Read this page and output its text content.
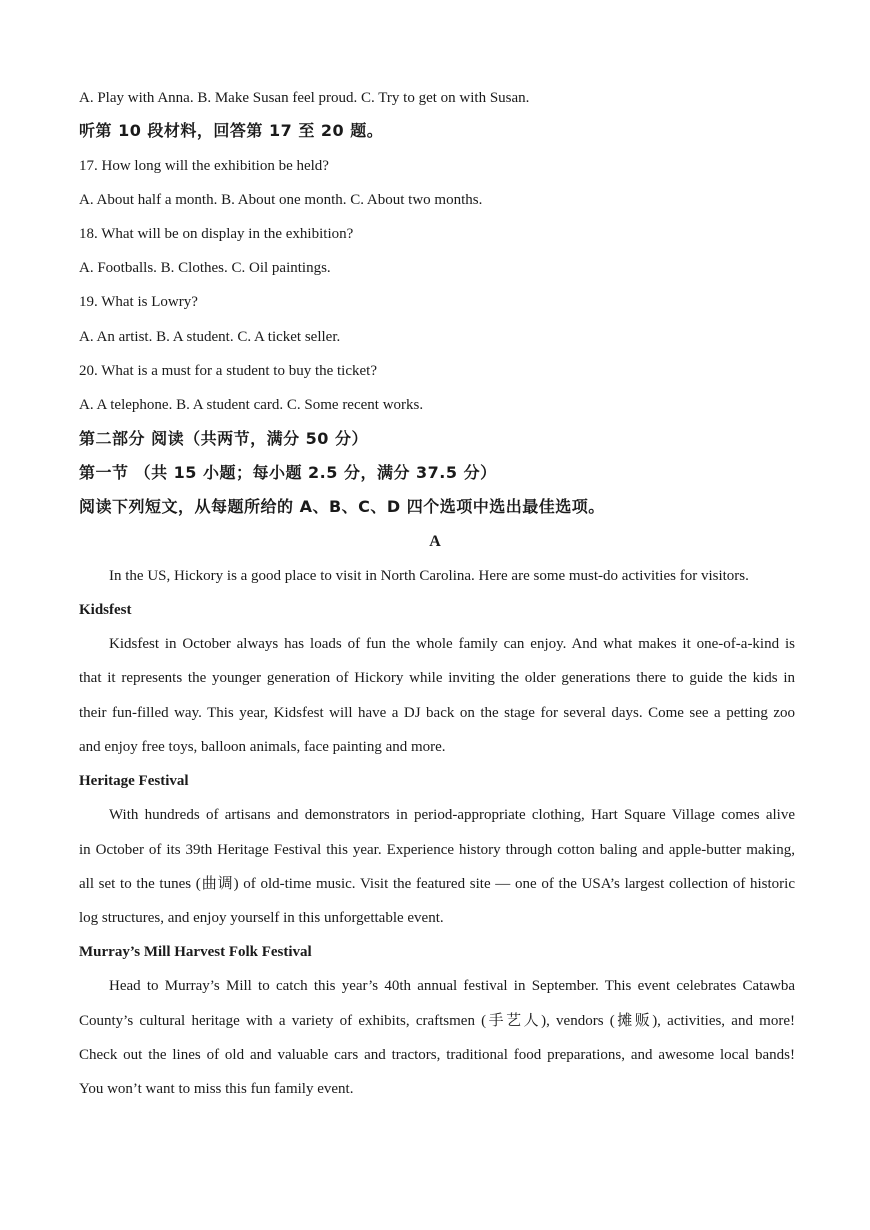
A. Play with Anna. B. Make Susan feel proud. C. Try to get on with Susan.
听第 10 段材料，回答第 17 至 20 题。
17. How long will the exhibition be held?
A. About half a month. B. About one month. C. About two months.
18. What will be on display in the exhibition?
A. Footballs. B. Clothes. C. Oil paintings.
19. What is Lowry?
A. An artist. B. A student. C. A ticket seller.
20. What is a must for a student to buy the ticket?
A. A telephone. B. A student card. C. Some recent works.
第二部分 阅读（共两节，满分 50 分）
第一节 （共 15 小题；每小题 2.5 分，满分 37.5 分）
阅读下列短文，从每题所给的 A、B、C、D 四个选项中选出最佳选项。
A
In the US, Hickory is a good place to visit in North Carolina. Here are some must-do activities for visitors.
Kidsfest
Kidsfest in October always has loads of fun the whole family can enjoy. And what makes it one-of-a-kind is
that it represents the younger generation of Hickory while inviting the older generations there to guide the kids in
their fun-filled way. This year, Kidsfest will have a DJ back on the stage for several days. Come see a petting zoo
and enjoy free toys, balloon animals, face painting and more.
Heritage Festival
With hundreds of artisans and demonstrators in period-appropriate clothing, Hart Square Village comes alive
in October of its 39th Heritage Festival this year. Experience history through cotton baling and apple-butter making,
all set to the tunes (曲调) of old-time music. Visit the featured site — one of the USA’s largest collection of historic
log structures, and enjoy yourself in this unforgettable event.
Murray’s Mill Harvest Folk Festival
Head to Murray’s Mill to catch this year’s 40th annual festival in September. This event celebrates Catawba
County’s cultural heritage with a variety of exhibits, craftsmen (手艺人), vendors (摊贩), activities, and more!
Check out the lines of old and valuable cars and tractors, traditional food preparations, and awesome local bands!
You won’t want to miss this fun family event.
